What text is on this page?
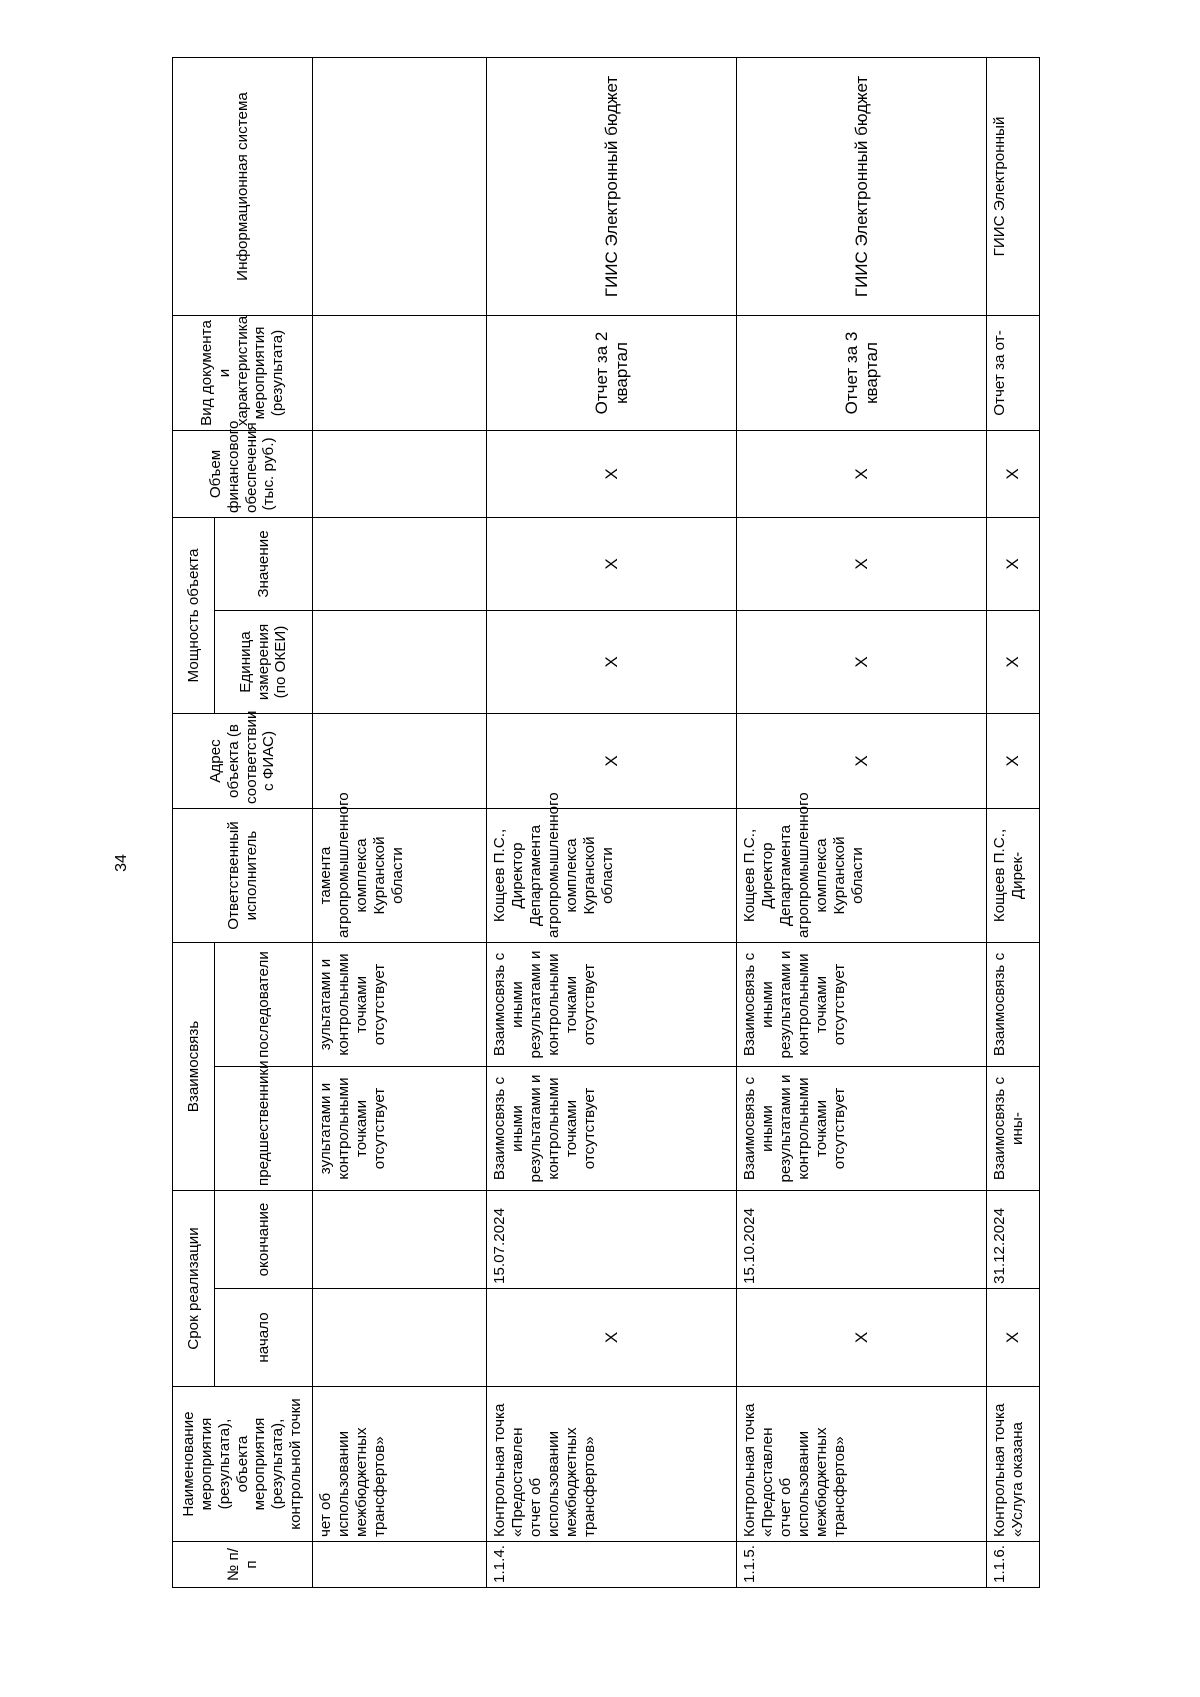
34
№ п/п	Наименование мероприятия (результата), объекта мероприятия (результата), контрольной точки	Срок реализации		Взаимосвязь		Ответственный исполнитель	Адрес объекта (в соответствии с ФИАС)	Мощность объекта		Объем финансового обеспечения (тыс. руб.)	Вид документа и характеристика мероприятия (результата)	Информационная система
		начало	окончание	предшественники	последователи			Единица измерения (по ОКЕИ)	Значение			
	чет об использовании межбюджетных трансфертов»			зультатами и контрольными точками отсутствует	зультатами и контрольными точками отсутствует	тамента агропромышленного комплекса Курганской области						
1.1.4.	Контрольная точка «Предоставлен отчет об использовании межбюджетных трансфертов»	X	15.07.2024	Взаимосвязь с иными результатами и контрольными точками отсутствует	Взаимосвязь с иными результатами и контрольными точками отсутствует	Кощеев П.С., Директор Департамента агропромышленного комплекса Курганской области	X	X	X	X	Отчет за 2 квартал	ГИИС Электронный бюджет
1.1.5.	Контрольная точка «Предоставлен отчет об использовании межбюджетных трансфертов»	X	15.10.2024	Взаимосвязь с иными результатами и контрольными точками отсутствует	Взаимосвязь с иными результатами и контрольными точками отсутствует	Кощеев П.С., Директор Департамента агропромышленного комплекса Курганской области	X	X	X	X	Отчет за 3 квартал	ГИИС Электронный бюджет
1.1.6.	Контрольная точка «Услуга оказана	X	31.12.2024	Взаимосвязь с ины-	Взаимосвязь с	Кощеев П.С., Дирек-	X	X	X	X	Отчет за от-	ГИИС Электронный
